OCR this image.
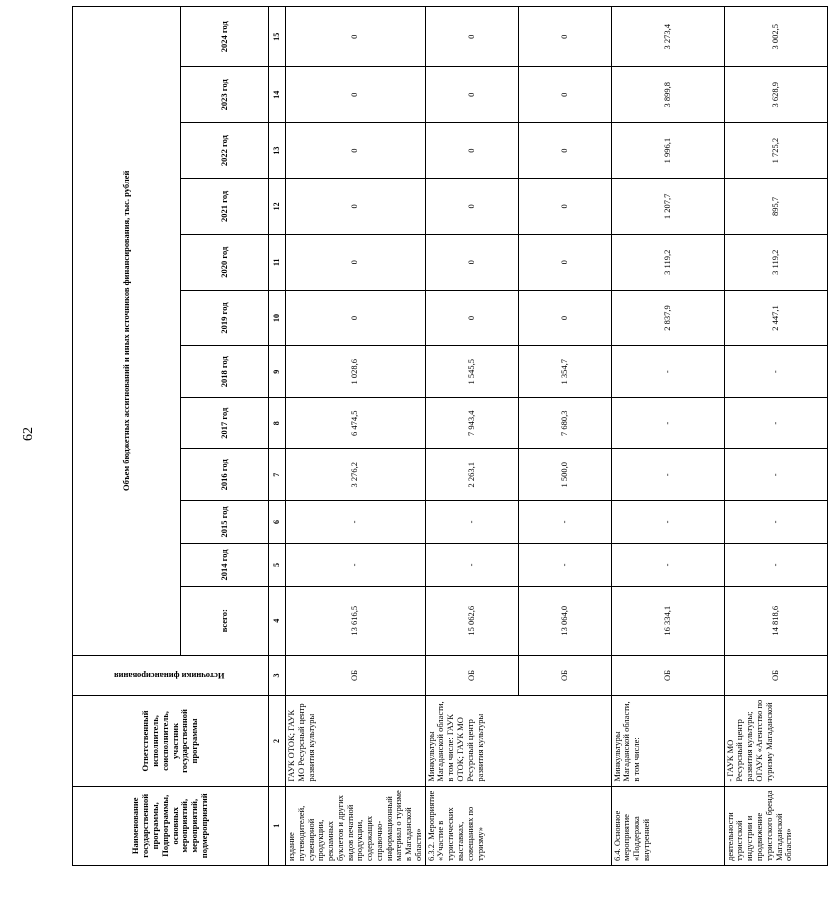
62
Наименование государственной программы, Подпрограммы, основных мероприятий, мероприятий, подмероприятий	Ответственный исполнитель, соисполнитель, участник государственной программы	Источники финансирования	Объем бюджетных ассигнований и иных источников финансирования, тыс. рублей											
			всего:	2014 год	2015 год	2016 год	2017 год	2018 год	2019 год	2020 год	2021 год	2022 год	2023 год	2024 год
1	2	3	4	5	6	7	8	9	10	11	12	13	14	15
издание путеводителей, сувенирной продукции, рекламных буклетов и других видов печатной продукции, содержащих справочно-информационный материал о туризме в Магаданской области»	ГАУК ОТОК; ГАУК МО Ресурсный центр развития культуры	ОБ	13 616,5	-	-	3 276,2	6 474,5	1 028,6	0	0	0	0	0	0
6.3.2. Мероприятие «Участие в туристических выставках, совещаниях по туризму»	Минкультуры Магаданской области, в том числе: ГАУК ОТОК; ГАУК МО Ресурсный центр развития культуры	ОБ	15 062,6	-	-	2 263,1	7 943,4	1 545,5	0	0	0	0	0	0
		ОБ	13 064,0	-	-	1 500,0	7 680,3	1 354,7	0	0	0	0	0	0
6.4. Основное мероприятие «Поддержка внутренней	Минкультуры Магаданской области, в том числе:	ОБ	16 334,1	-	-	-	-	-	2 837,9	3 119,2	1 207,7	1 996,1	3 899,8	3 273,4
деятельности туристской индустрии и продвижение туристского бренда Магаданской области»	- ГАУК МО Ресурсный центр развития культуры; ОГАУК «Агентство по туризму Магаданской	ОБ	14 818,6	-	-	-	-	-	2 447,1	3 119,2	895,7	1 725,2	3 628,9	3 002,5
